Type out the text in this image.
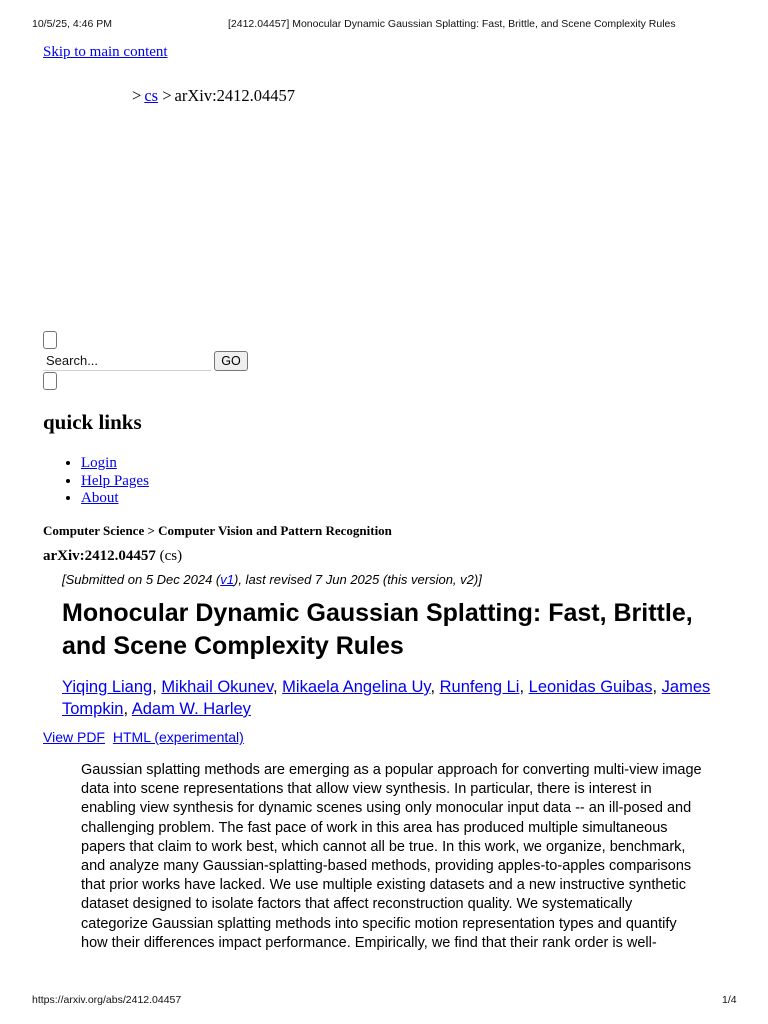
10/5/25, 4:46 PM	[2412.04457] Monocular Dynamic Gaussian Splatting: Fast, Brittle, and Scene Complexity Rules
Skip to main content
> cs > arXiv:2412.04457
Search...
GO
quick links
• Login
• Help Pages
• About
Computer Science > Computer Vision and Pattern Recognition
arXiv:2412.04457 (cs)
[Submitted on 5 Dec 2024 (v1), last revised 7 Jun 2025 (this version, v2)]
Monocular Dynamic Gaussian Splatting: Fast, Brittle, and Scene Complexity Rules
Yiqing Liang, Mikhail Okunev, Mikaela Angelina Uy, Runfeng Li, Leonidas Guibas, James Tompkin, Adam W. Harley
View PDF HTML (experimental)
Gaussian splatting methods are emerging as a popular approach for converting multi-view image data into scene representations that allow view synthesis. In particular, there is interest in enabling view synthesis for dynamic scenes using only monocular input data -- an ill-posed and challenging problem. The fast pace of work in this area has produced multiple simultaneous papers that claim to work best, which cannot all be true. In this work, we organize, benchmark, and analyze many Gaussian-splatting-based methods, providing apples-to-apples comparisons that prior works have lacked. We use multiple existing datasets and a new instructive synthetic dataset designed to isolate factors that affect reconstruction quality. We systematically categorize Gaussian splatting methods into specific motion representation types and quantify how their differences impact performance. Empirically, we find that their rank order is well-
https://arxiv.org/abs/2412.04457	1/4
